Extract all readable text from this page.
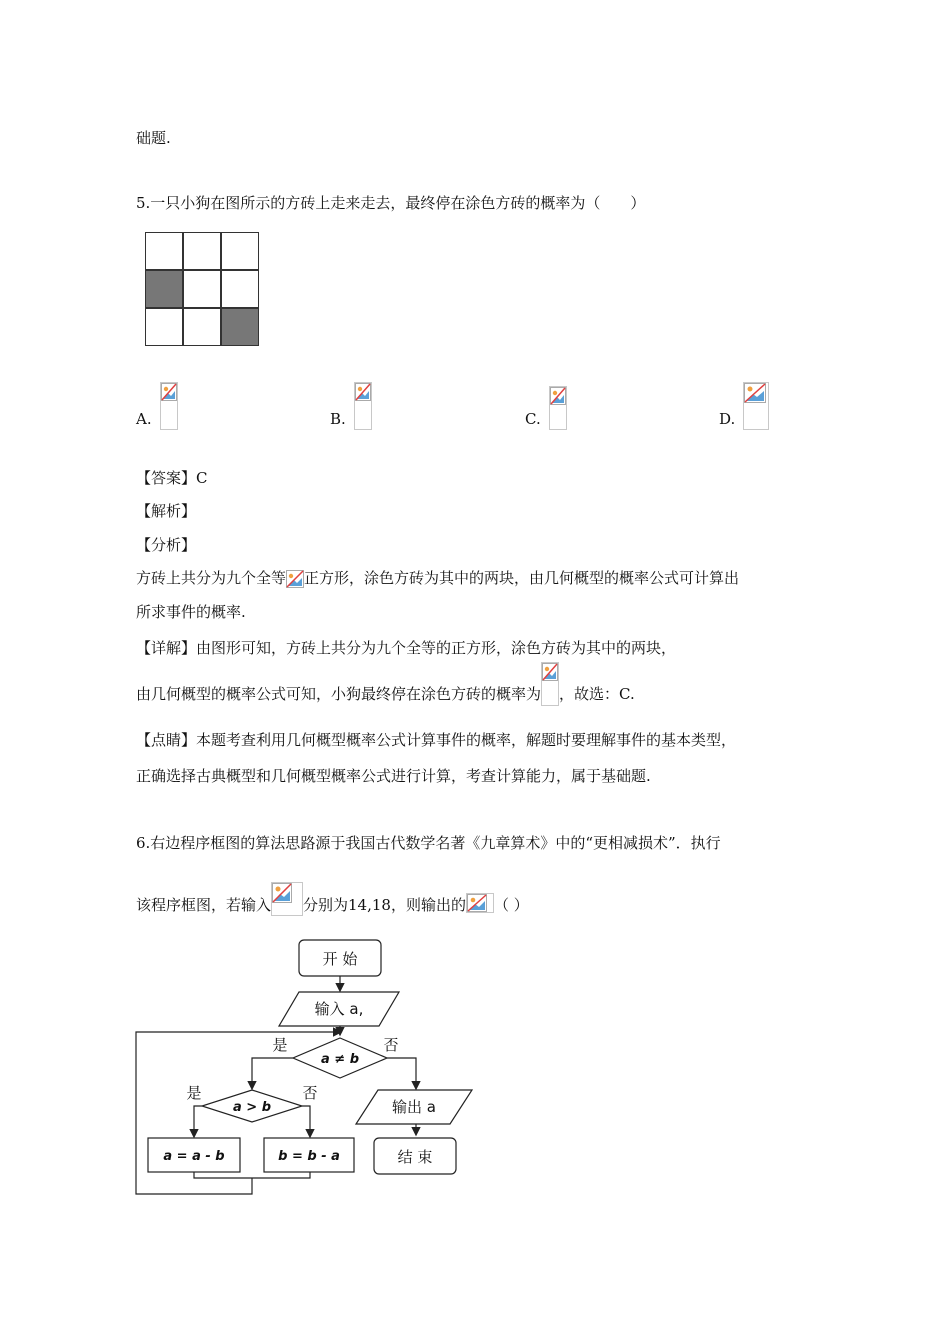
础题.
5.一只小狗在图所示的方砖上走来走去，最终停在涂色方砖的概率为（　　）
A.	B.	C.	D.
【答案】C
【解析】
【分析】
方砖上共分为九个全等 正方形，涂色方砖为其中的两块，由几何概型的概率公式可计算出
所求事件的概率.
【详解】由图形可知，方砖上共分为九个全等的正方形，涂色方砖为其中的两块，
由几何概型的概率公式可知，小狗最终停在涂色方砖的概率为 ，故选：C.
【点睛】本题考查利用几何概型概率公式计算事件的概率，解题时要理解事件的基本类型，
正确选择古典概型和几何概型概率公式进行计算，考查计算能力，属于基础题.
6.右边程序框图的算法思路源于我国古代数学名著《九章算术》中的“更相减损术”．执行
该程序框图，若输入 分别为14,18，则输出的 （ ）
开 始
输入 a,
a ≠ b
是	否
a > b
是	否
a = a - b	b = b - a
输出 a
结 束
